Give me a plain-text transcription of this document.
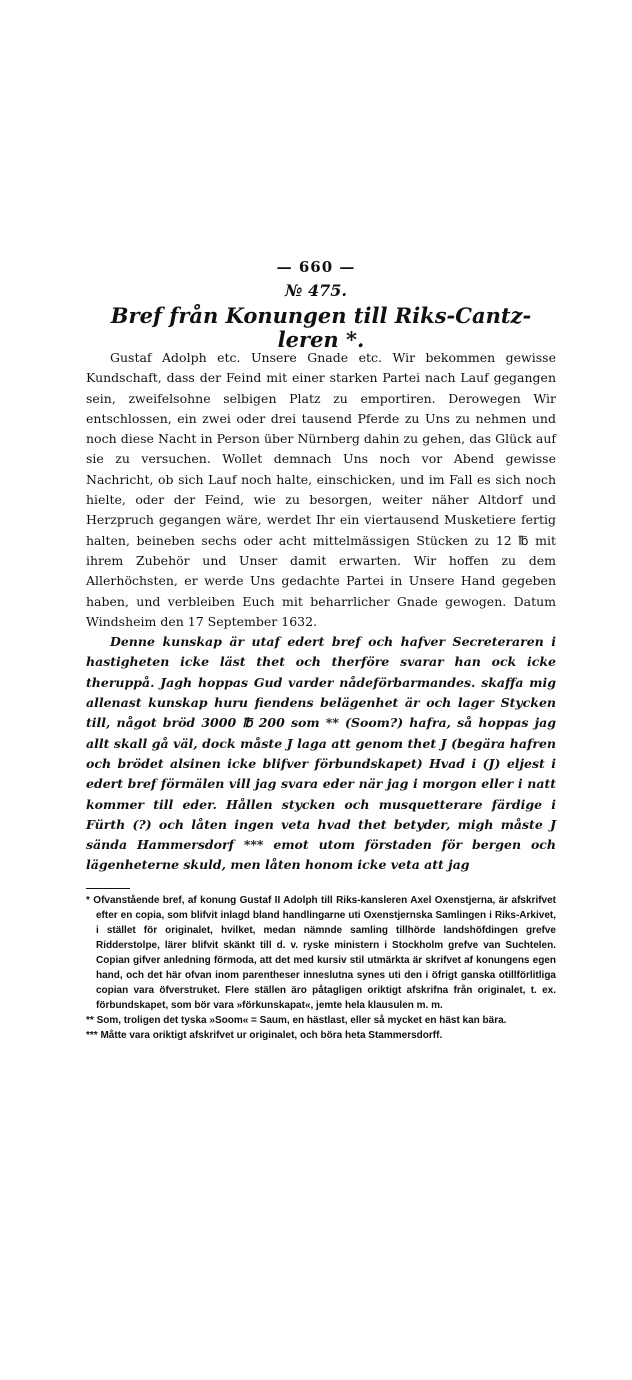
— 660 —
№ 475.
Bref från Konungen till Riks-Cantzleren *.

Gustaf Adolph etc. Unsere Gnade etc. Wir bekommen gewisse Kundschaft, dass der Feind mit einer starken Partei nach Lauf gegangen sein, zweifelsohne selbigen Platz zu emportiren. Derowegen Wir entschlossen, ein zwei oder drei tausend Pferde zu Uns zu nehmen und noch diese Nacht in Person über Nürnberg dahin zu gehen, das Glück auf sie zu versuchen. Wollet demnach Uns noch vor Abend gewisse Nachricht, ob sich Lauf noch halte, einschicken, und im Fall es sich noch hielte, oder der Feind, wie zu besorgen, weiter näher Altdorf und Herzpruch gegangen wäre, werdet Ihr ein viertausend Musketiere fertig halten, beineben sechs oder acht mittelmässigen Stücken zu 12 ℔ mit ihrem Zubehör und Unser damit erwarten. Wir hoffen zu dem Allerhöchsten, er werde Uns gedachte Partei in Unsere Hand gegeben haben, und verbleiben Euch mit beharrlicher Gnade gewogen. Datum Windsheim den 17 September 1632.

Denne kunskap är utaf edert bref och hafver Secreteraren i hastigheten icke läst thet och therföre svarar han ock icke theruppå. Jagh hoppas Gud varder nådeförbarmandes. skaffa mig allenast kunskap huru fiendens belägenhet är och lager Stycken till, något bröd 3000 ℔ 200 som ** (Soom?) hafra, så hoppas jag allt skall gå väl, dock måste J laga att genom thet J (begära hafren och brödet alsinen icke blifver förbundskapet) Hvad i (J) eljest i edert bref förmälen vill jag svara eder när jag i morgon eller i natt kommer till eder. Hållen stycken och musquetterare färdige i Fürth (?) och låten ingen veta hvad thet betyder, migh måste J sända Hammersdorf *** emot utom förstaden för bergen och lägenheterne skuld, men låten honom icke veta att jag

* Ofvanstående bref, af konung Gustaf II Adolph till Riks-kansleren Axel Oxenstjerna, är afskrifvet efter en copia, som blifvit inlagd bland handlingarne uti Oxenstjernska Samlingen i Riks-Arkivet, i stället för originalet, hvilket, medan nämnde samling tillhörde landshöfdingen grefve Ridderstolpe, lärer blifvit skänkt till d. v. ryske ministern i Stockholm grefve van Suchtelen. Copian gifver anledning förmoda, att det med kursiv stil utmärkta är skrifvet af konungens egen hand, och det här ofvan inom parentheser inneslutna synes uti den i öfrigt ganska otillförlitliga copian vara öfverstruket. Flere ställen äro påtagligen oriktigt afskrifna från originalet, t. ex. förbundskapet, som bör vara »förkunskapat«, jemte hela klausulen m. m.

** Som, troligen det tyska »Soom« = Saum, en hästlast, eller så mycket en häst kan bära.

*** Måtte vara oriktigt afskrifvet ur originalet, och böra heta Stammersdorff.
